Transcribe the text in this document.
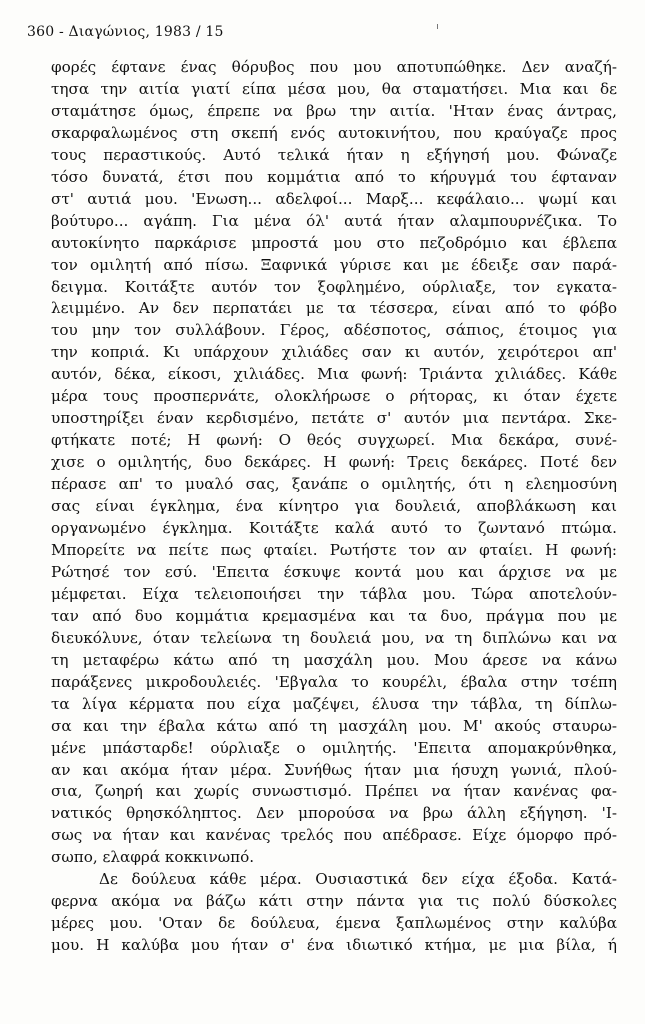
360 - Διαγώνιος, 1983 / 15
φορές έφτανε ένας θόρυβος που μου αποτυπώθηκε. Δεν αναζή-
τησα την αιτία γιατί είπα μέσα μου, θα σταματήσει. Μια και δε
σταμάτησε όμως, έπρεπε να βρω την αιτία. 'Ηταν ένας άντρας,
σκαρφαλωμένος στη σκεπή ενός αυτοκινήτου, που κραύγαζε προς
τους περαστικούς. Αυτό τελικά ήταν η εξήγησή μου. Φώναζε
τόσο δυνατά, έτσι που κομμάτια από το κήρυγμά του έφταναν
στ' αυτιά μου. 'Ενωση... αδελφοί... Μαρξ... κεφάλαιο... ψωμί και
βούτυρο... αγάπη. Για μένα όλ' αυτά ήταν αλαμπουρνέζικα. Το
αυτοκίνητο παρκάρισε μπροστά μου στο πεζοδρόμιο και έβλεπα
τον ομιλητή από πίσω. Ξαφνικά γύρισε και με έδειξε σαν παρά-
δειγμα. Κοιτάξτε αυτόν τον ξοφλημένο, ούρλιαξε, τον εγκατα-
λειμμένο. Αν δεν περπατάει με τα τέσσερα, είναι από το φόβο
του μην τον συλλάβουν. Γέρος, αδέσποτος, σάπιος, έτοιμος για
την κοπριά. Κι υπάρχουν χιλιάδες σαν κι αυτόν, χειρότεροι απ'
αυτόν, δέκα, είκοσι, χιλιάδες. Μια φωνή: Τριάντα χιλιάδες. Κάθε
μέρα τους προσπερνάτε, ολοκλήρωσε ο ρήτορας, κι όταν έχετε
υποστηρίξει έναν κερδισμένο, πετάτε σ' αυτόν μια πεντάρα. Σκε-
φτήκατε ποτέ; Η φωνή: Ο θεός συγχωρεί. Μια δεκάρα, συνέ-
χισε ο ομιλητής, δυο δεκάρες. Η φωνή: Τρεις δεκάρες. Ποτέ δεν
πέρασε απ' το μυαλό σας, ξανάπε ο ομιλητής, ότι η ελεημοσύνη
σας είναι έγκλημα, ένα κίνητρο για δουλειά, αποβλάκωση και
οργανωμένο έγκλημα. Κοιτάξτε καλά αυτό το ζωντανό πτώμα.
Μπορείτε να πείτε πως φταίει. Ρωτήστε τον αν φταίει. Η φωνή:
Ρώτησέ τον εσύ. 'Επειτα έσκυψε κοντά μου και άρχισε να με
μέμφεται. Είχα τελειοποιήσει την τάβλα μου. Τώρα αποτελούν-
ταν από δυο κομμάτια κρεμασμένα και τα δυο, πράγμα που με
διευκόλυνε, όταν τελείωνα τη δουλειά μου, να τη διπλώνω και να
τη μεταφέρω κάτω από τη μασχάλη μου. Μου άρεσε να κάνω
παράξενες μικροδουλειές. 'Εβγαλα το κουρέλι, έβαλα στην τσέπη
τα λίγα κέρματα που είχα μαζέψει, έλυσα την τάβλα, τη δίπλω-
σα και την έβαλα κάτω από τη μασχάλη μου. Μ' ακούς σταυρω-
μένε μπάσταρδε! ούρλιαξε ο ομιλητής. 'Επειτα απομακρύνθηκα,
αν και ακόμα ήταν μέρα. Συνήθως ήταν μια ήσυχη γωνιά, πλού-
σια, ζωηρή και χωρίς συνωστισμό. Πρέπει να ήταν κανένας φα-
νατικός θρησκόληπτος. Δεν μπορούσα να βρω άλλη εξήγηση. 'Ι-
σως να ήταν και κανένας τρελός που απέδρασε. Είχε όμορφο πρό-
σωπο, ελαφρά κοκκινωπό.
Δε δούλευα κάθε μέρα. Ουσιαστικά δεν είχα έξοδα. Κατά-
φερνα ακόμα να βάζω κάτι στην πάντα για τις πολύ δύσκολες
μέρες μου. 'Οταν δε δούλευα, έμενα ξαπλωμένος στην καλύβα
μου. Η καλύβα μου ήταν σ' ένα ιδιωτικό κτήμα, με μια βίλα, ή
